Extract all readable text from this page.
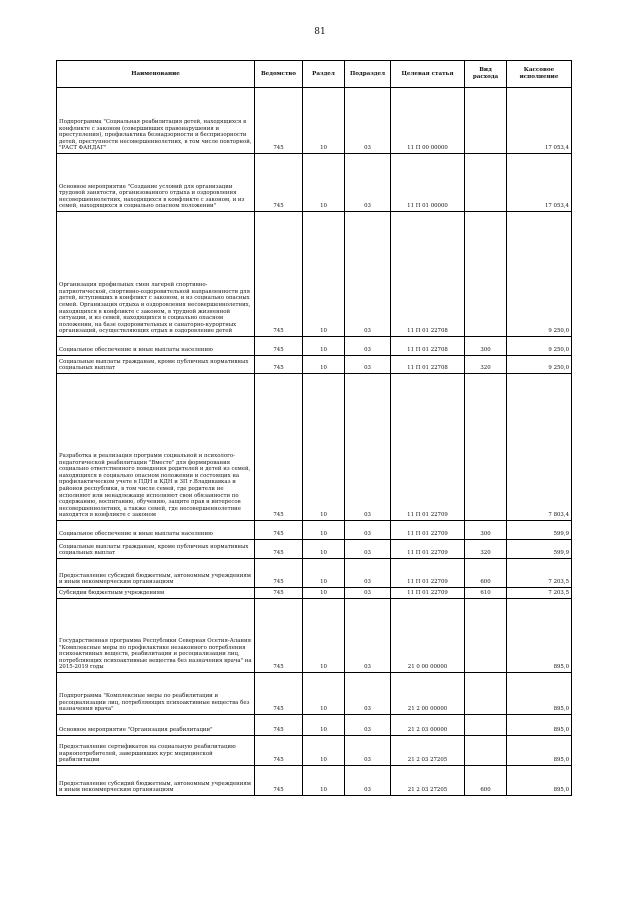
81
Наименование	Ведомство	Раздел	Подраздел	Целевая статья	Вид расхода	Кассовое исполнение
Подпрограмма "Социальная реабилитация детей, находящихся в конфликте с законом (совершивших правонарушения и преступления), профилактика безнадзорности и беспризорности детей, преступности несовершеннолетних, в том числе повторной, "РАСТ ФАНДАГ"	745	10	03	11 П 00 00000		17 053,4
Основное мероприятие "Создание условий для организации трудовой занятости, организованного отдыха и оздоровления несовершеннолетних, находящихся в конфликте с законом, и из семей, находящихся в социально опасном положении"	745	10	03	11 П 01 00000		17 053,4
Организация профильных смен лагерей спортивно-патриотической, спортивно-оздоровительной направленности для детей, вступивших в конфликт с законом, и из социально опасных семей. Организация отдыха и оздоровления несовершеннолетних, находящихся в конфликте с законом, в трудной жизненной ситуации, и из семей, находящихся в социально опасном положении, на базе оздоровительных и санаторно-курортных организаций, осуществляющих отдых и оздоровление детей	745	10	03	11 П 01 22708		9 250,0
Социальное обеспечение и иные выплаты населению	745	10	03	11 П 01 22708	300	9 250,0
Социальные выплаты гражданам, кроме публичных нормативных социальных выплат	745	10	03	11 П 01 22708	320	9 250,0
Разработка и реализация программ социальной и психолого-педагогической реабилитации "Вместе" для формирования социально ответственного поведения родителей и детей из семей, находящихся в социально опасном положении и состоящих на профилактическом учете в ПДН и КДН и ЗП г.Владикавказ и районов республики, в том числе семей, где родители не исполняют или ненадлежаще исполняют свои обязанности по содержанию, воспитанию, обучению, защите прав и интересов несовершеннолетних, а также семей, где несовершеннолетние находятся в конфликте с законом	745	10	03	11 П 01 22709		7 803,4
Социальное обеспечение и иные выплаты населению	745	10	03	11 П 01 22709	300	599,9
Социальные выплаты гражданам, кроме публичных нормативных социальных выплат	745	10	03	11 П 01 22709	320	599,9
Предоставление субсидий бюджетным, автономным учреждениям и иным некоммерческим организациям	745	10	03	11 П 01 22709	600	7 203,5
Субсидии бюджетным учреждениям	745	10	03	11 П 01 22709	610	7 203,5
Государственная программа Республики Северная Осетия-Алания "Комплексные меры по профилактике незаконного потребления психоактивных веществ, реабилитации и ресоциализации лиц, потребляющих психоактивные вещества без назначения врача" на 2015-2019 годы	745	10	03	21 0 00 00000		895,0
Подпрограмма "Комплексные меры по реабилитации и ресоциализации лиц, потребляющих психоактивные вещества без назначения врача"	745	10	03	21 2 00 00000		895,0
Основное мероприятие "Организация реабилитации"	745	10	03	21 2 03 00000		895,0
Предоставление сертификатов на социальную реабилитацию наркопотребителей, завершивших курс медицинской реабилитации	745	10	03	21 2 03 27205		895,0
Предоставление субсидий бюджетным, автономным учреждениям и иным некоммерческим организациям	745	10	03	21 2 03 27205	600	895,0
